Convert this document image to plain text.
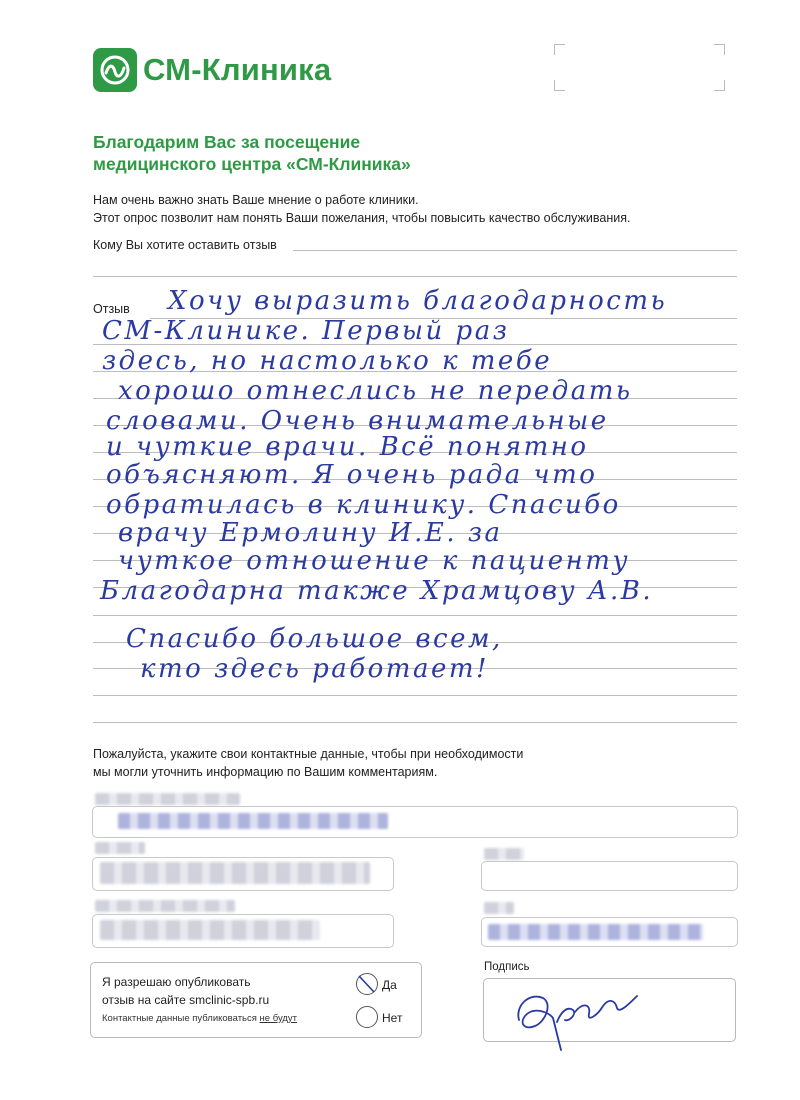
СМ-Клиника
Благодарим Вас за посещение
медицинского центра «СМ-Клиника»
Нам очень важно знать Ваше мнение о работе клиники.
Этот опрос позволит нам понять Ваши пожелания, чтобы повысить качество обслуживания.
Кому Вы хотите оставить отзыв
Отзыв Хочу выразить благодарность
СМ-Клинике. Первый раз
здесь, но настолько к тебе
хорошо отнеслись не передать
словами. Очень внимательные
и чуткие врачи. Всё понятно
объясняют. Я очень рада что
обратилась в клинику. Спасибо
врачу Ермолину И.Е. за
чуткое отношение к пациенту
Благодарна также Храмцову А.В.
Спасибо большое всем,
кто здесь работает!
Пожалуйста, укажите свои контактные данные, чтобы при необходимости
мы могли уточнить информацию по Вашим комментариям.
Я разрешаю опубликовать
отзыв на сайте smclinic-spb.ru
Контактные данные публиковаться не будут
Да
Нет
Подпись
